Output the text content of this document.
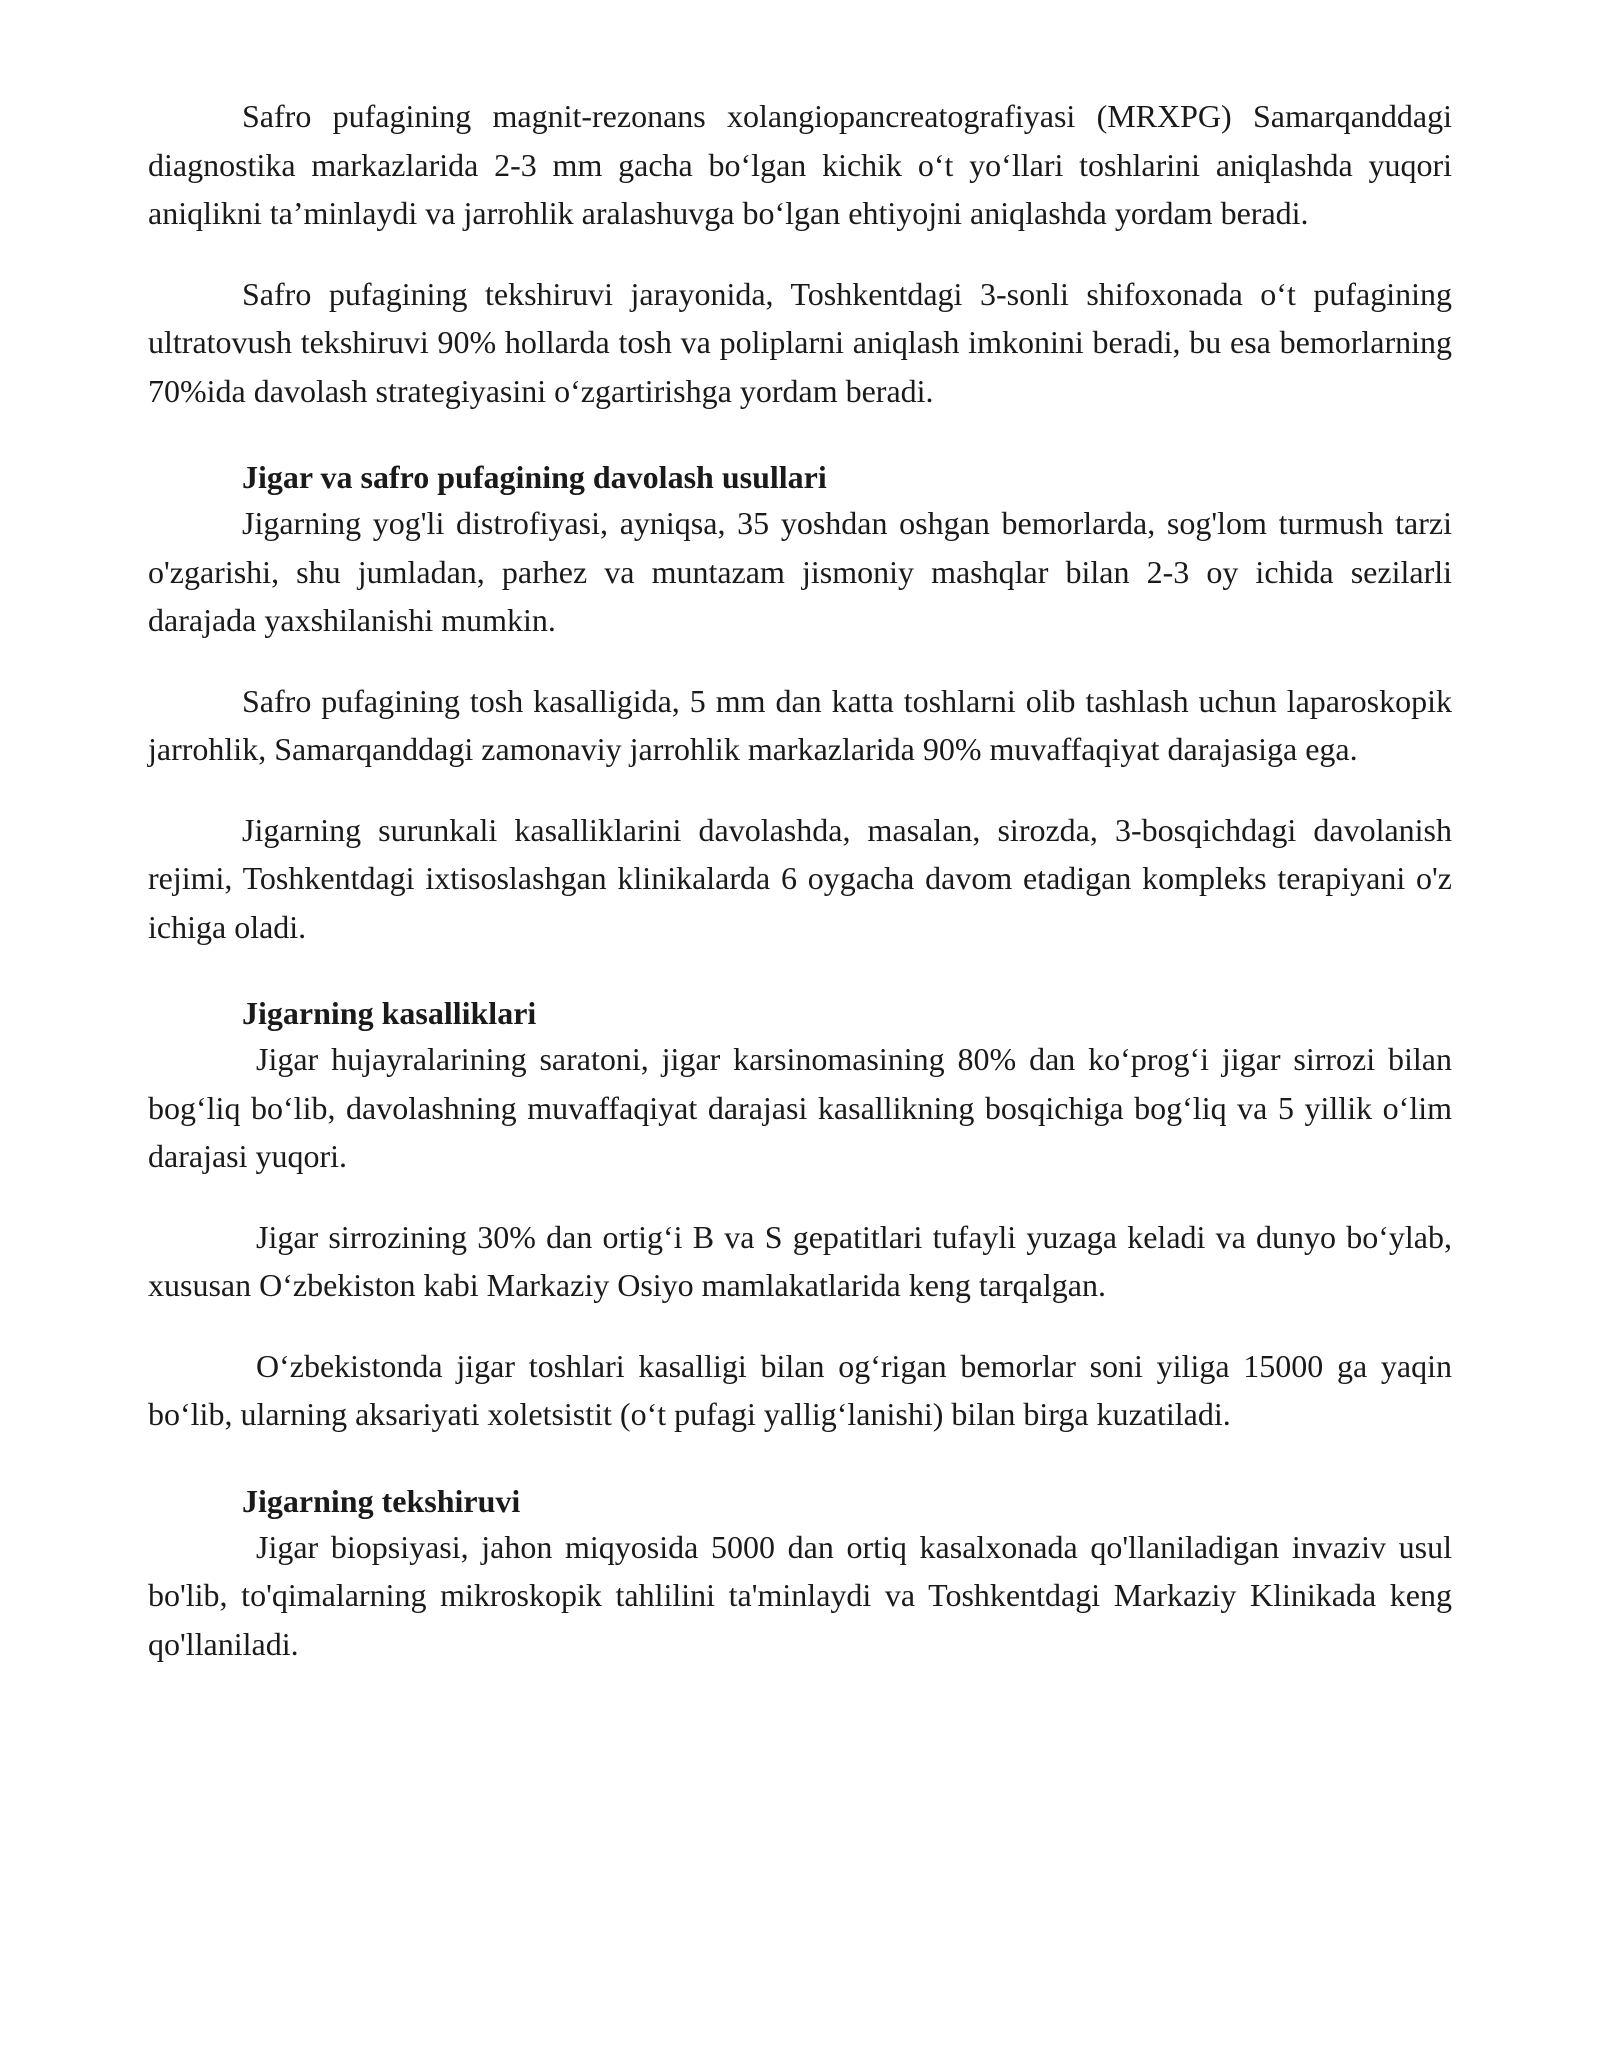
Safro pufagining magnit-rezonans xolangiopancreatografiyasi (MRXPG) Samarqanddagi diagnostika markazlarida 2-3 mm gacha bo‘lgan kichik o‘t yo‘llari toshlarini aniqlashda yuqori aniqlikni ta’minlaydi va jarrohlik aralashuvga bo‘lgan ehtiyojni aniqlashda yordam beradi.

Safro pufagining tekshiruvi jarayonida, Toshkentdagi 3-sonli shifoxonada o‘t pufagining ultratovush tekshiruvi 90% hollarda tosh va poliplarni aniqlash imkonini beradi, bu esa bemorlarning 70%ida davolash strategiyasini o‘zgartirishga yordam beradi.

Jigar va safro pufagining davolash usullari

Jigarning yog'li distrofiyasi, ayniqsa, 35 yoshdan oshgan bemorlarda, sog'lom turmush tarzi o'zgarishi, shu jumladan, parhez va muntazam jismoniy mashqlar bilan 2-3 oy ichida sezilarli darajada yaxshilanishi mumkin.

Safro pufagining tosh kasalligida, 5 mm dan katta toshlarni olib tashlash uchun laparoskopik jarrohlik, Samarqanddagi zamonaviy jarrohlik markazlarida 90% muvaffaqiyat darajasiga ega.

Jigarning surunkali kasalliklarini davolashda, masalan, sirozda, 3-bosqichdagi davolanish rejimi, Toshkentdagi ixtisoslashgan klinikalarda 6 oygacha davom etadigan kompleks terapiyani o'z ichiga oladi.

Jigarning kasalliklari

Jigar hujayralarining saratoni, jigar karsinomasining 80% dan ko‘prog‘i jigar sirrozi bilan bog‘liq bo‘lib, davolashning muvaffaqiyat darajasi kasallikning bosqichiga bog‘liq va 5 yillik o‘lim darajasi yuqori.

Jigar sirrozining 30% dan ortig‘i B va S gepatitlari tufayli yuzaga keladi va dunyo bo‘ylab, xususan O‘zbekiston kabi Markaziy Osiyo mamlakatlarida keng tarqalgan.

O‘zbekistonda jigar toshlari kasalligi bilan og‘rigan bemorlar soni yiliga 15000 ga yaqin bo‘lib, ularning aksariyati xoletsistit (o‘t pufagi yallig‘lanishi) bilan birga kuzatiladi.

Jigarning tekshiruvi

Jigar biopsiyasi, jahon miqyosida 5000 dan ortiq kasalxonada qo'llaniladigan invaziv usul bo'lib, to'qimalarning mikroskopik tahlilini ta'minlaydi va Toshkentdagi Markaziy Klinikada keng qo'llaniladi.
